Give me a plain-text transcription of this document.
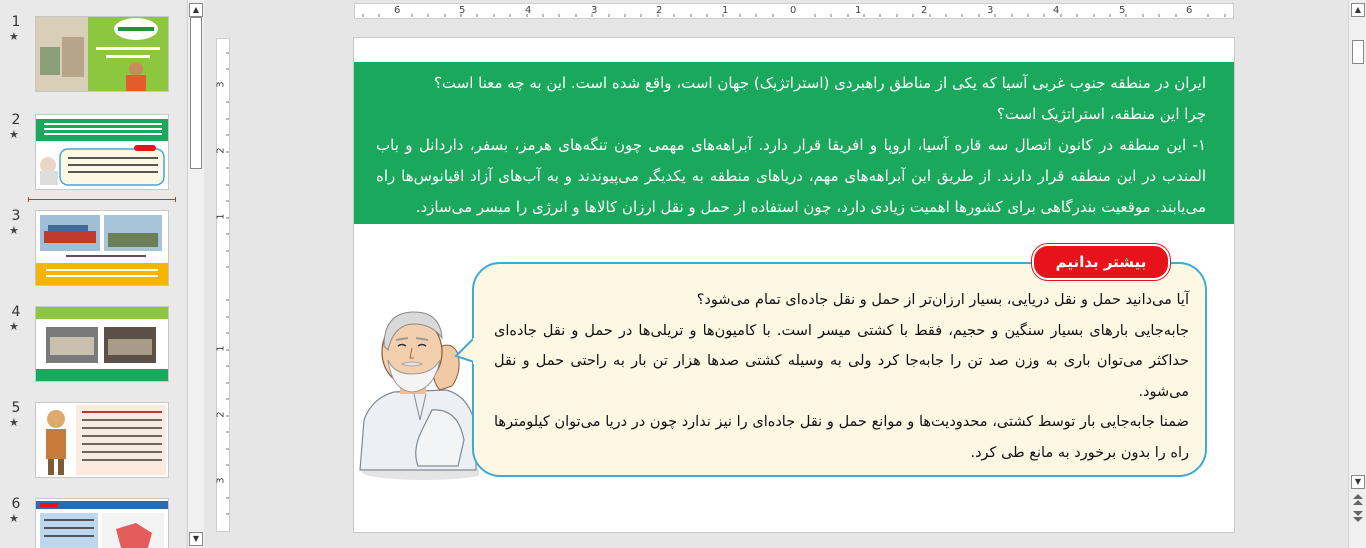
1
★
2
★
3
★
4
★
5
★
6
★
▲
▼
6	5	4	3	2	1	0	1	2	3	4	5	6
3
2
1
1
2
3

ایران در منطقه جنوب غربی آسیا که یکی از مناطق راهبردی (استراتژیک) جهان است، واقع شده است. این به چه معنا است؟

چرا این منطقه، استراتژیک است؟

۱- این منطقه در کانون اتصال سه قاره آسیا، اروپا و افریقا قرار دارد. آبراهه‌های مهمی چون تنگه‌های هرمز، بسفر، داردانل و باب المندب در این منطقه قرار دارند. از طریق این آبراهه‌های مهم، دریاهای منطقه به یکدیگر می‌پیوندند و به آب‌های آزاد اقیانوس‌ها راه می‌یابند. موقعیت بندرگاهی برای کشورها اهمیت زیادی دارد، چون استفاده از حمل و نقل ارزان کالاها و انرژی را میسر می‌سازد.

آیا می‌دانید حمل و نقل دریایی، بسیار ارزان‌تر از حمل و نقل جاده‌ای تمام می‌شود؟

جابه‌جایی بارهای بسیار سنگین و حجیم، فقط با کشتی میسر است. با کامیون‌ها و تریلی‌ها در حمل و نقل جاده‌ای حداکثر می‌توان باری به وزن صد تن را جابه‌جا کرد ولی به وسیله کشتی صدها هزار تن بار به راحتی حمل و نقل می‌شود.

ضمنا جابه‌جایی بار توسط کشتی، محدودیت‌ها و موانع حمل و نقل جاده‌ای را نیز ندارد چون در دریا می‌توان کیلومترها راه را بدون برخورد به مانع طی کرد.

بیشتر بدانیم
▲
▼
